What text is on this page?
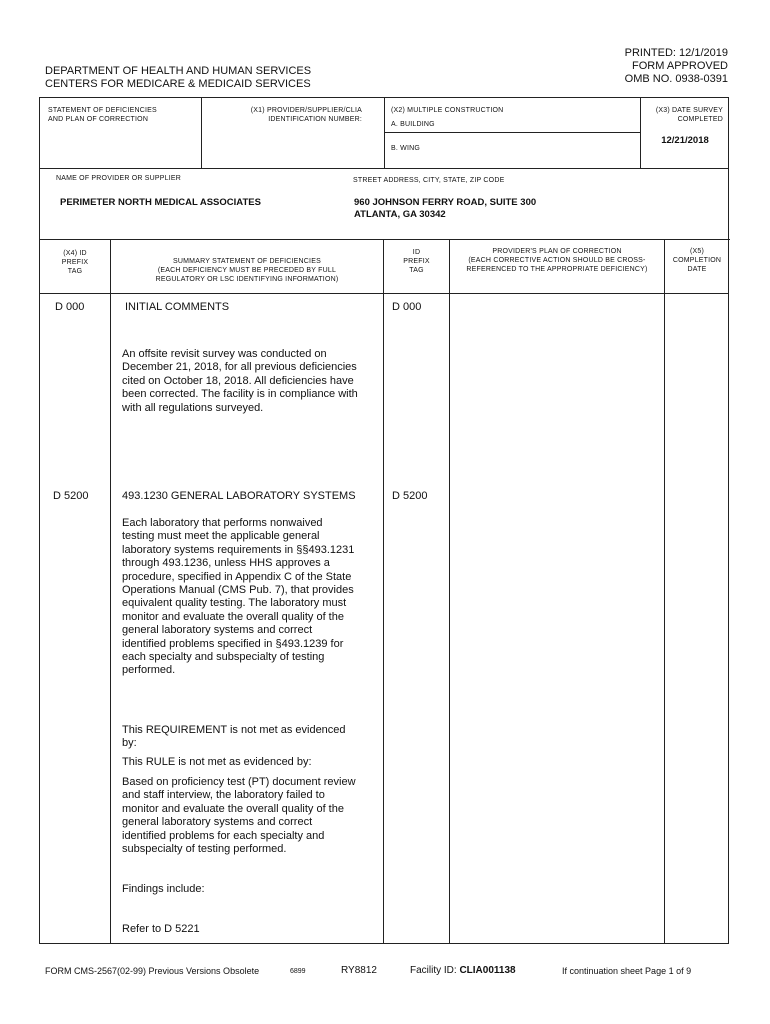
PRINTED: 12/1/2019
FORM APPROVED
OMB NO. 0938-0391
DEPARTMENT OF HEALTH AND HUMAN SERVICES
CENTERS FOR MEDICARE & MEDICAID SERVICES
STATEMENT OF DEFICIENCIES
AND PLAN OF CORRECTION
(X1) PROVIDER/SUPPLIER/CLIA
IDENTIFICATION NUMBER:
(X2) MULTIPLE CONSTRUCTION
A. BUILDING
B. WING
(X3) DATE SURVEY
COMPLETED
12/21/2018
NAME OF PROVIDER OR SUPPLIER
PERIMETER NORTH MEDICAL ASSOCIATES
STREET ADDRESS, CITY, STATE, ZIP CODE
960 JOHNSON FERRY ROAD, SUITE 300
ATLANTA, GA 30342
(X4) ID
PREFIX
TAG
SUMMARY STATEMENT OF DEFICIENCIES
(EACH DEFICIENCY MUST BE PRECEDED BY FULL
REGULATORY OR LSC IDENTIFYING INFORMATION)
ID
PREFIX
TAG
PROVIDER'S PLAN OF CORRECTION
(EACH CORRECTIVE ACTION SHOULD BE CROSS-
REFERENCED TO THE APPROPRIATE DEFICIENCY)
(X5)
COMPLETION
DATE
D 000	INITIAL COMMENTS	D 000
An offsite revisit survey was conducted on
December 21, 2018, for all previous deficiencies
cited on October 18, 2018. All deficiencies have
been corrected. The facility is in compliance with
with all regulations surveyed.
D 5200	493.1230 GENERAL LABORATORY SYSTEMS	D 5200
Each laboratory that performs nonwaived
testing must meet the applicable general
laboratory systems requirements in §§493.1231
through 493.1236, unless HHS approves a
procedure, specified in Appendix C of the State
Operations Manual (CMS Pub. 7), that provides
equivalent quality testing. The laboratory must
monitor and evaluate the overall quality of the
general laboratory systems and correct
identified problems specified in §493.1239 for
each specialty and subspecialty of testing
performed.
This REQUIREMENT is not met as evidenced
by:
This RULE is not met as evidenced by:
Based on proficiency test (PT) document review
and staff interview, the laboratory failed to
monitor and evaluate the overall quality of the
general laboratory systems and correct
identified problems for each specialty and
subspecialty of testing performed.
Findings include:
Refer to D 5221
FORM CMS-2567(02-99) Previous Versions Obsolete	6899	RY8812	Facility ID: CLIA001138	If continuation sheet Page 1 of 9
